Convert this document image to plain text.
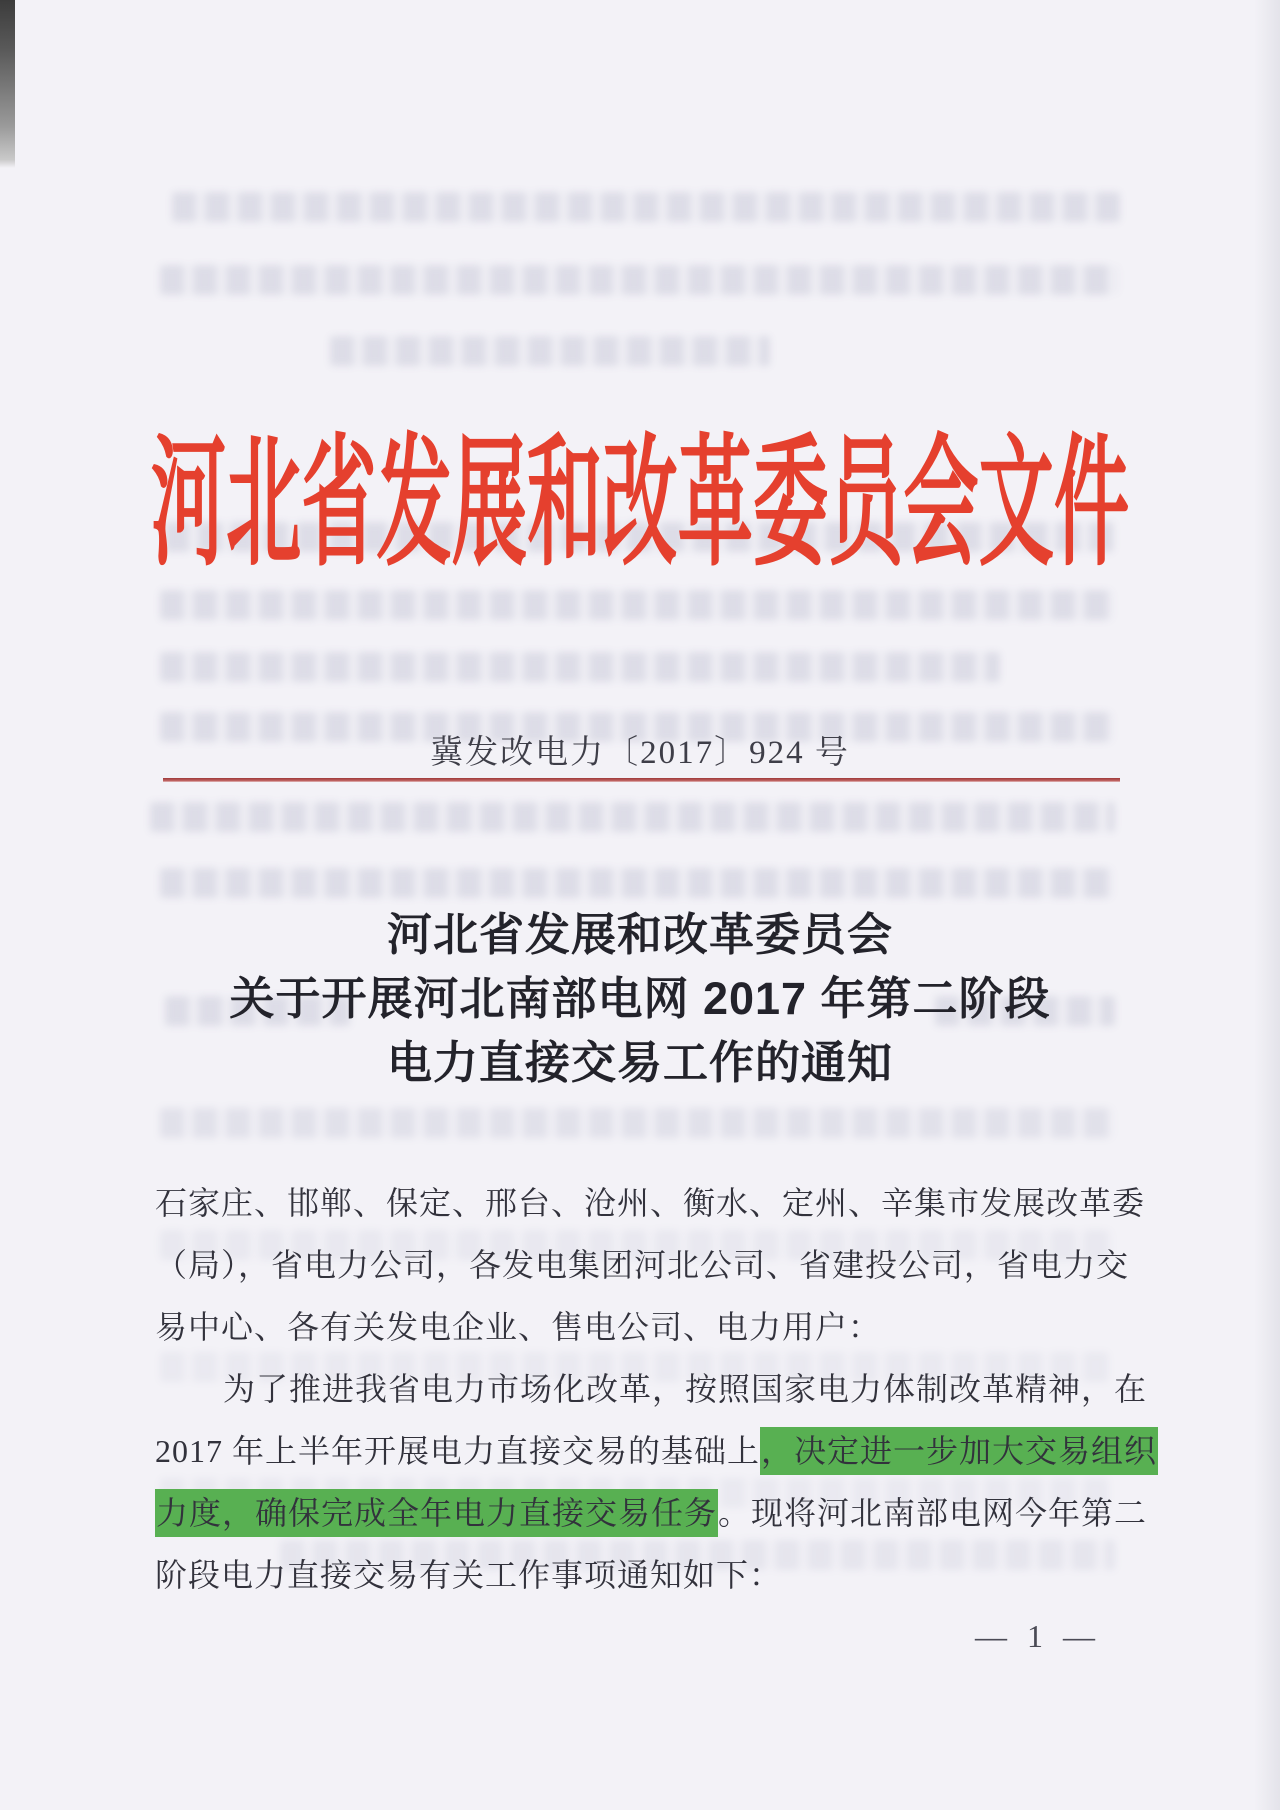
河北省发展和改革委员会文件
冀发改电力〔2017〕924 号
河北省发展和改革委员会
关于开展河北南部电网 2017 年第二阶段
电力直接交易工作的通知
石家庄、邯郸、保定、邢台、沧州、衡水、定州、辛集市发展改革委
（局），省电力公司，各发电集团河北公司、省建投公司，省电力交
易中心、各有关发电企业、售电公司、电力用户：
为了推进我省电力市场化改革，按照国家电力体制改革精神，在
2017 年上半年开展电力直接交易的基础上，决定进一步加大交易组织
力度，确保完成全年电力直接交易任务。现将河北南部电网今年第二
阶段电力直接交易有关工作事项通知如下：
— 1 —
